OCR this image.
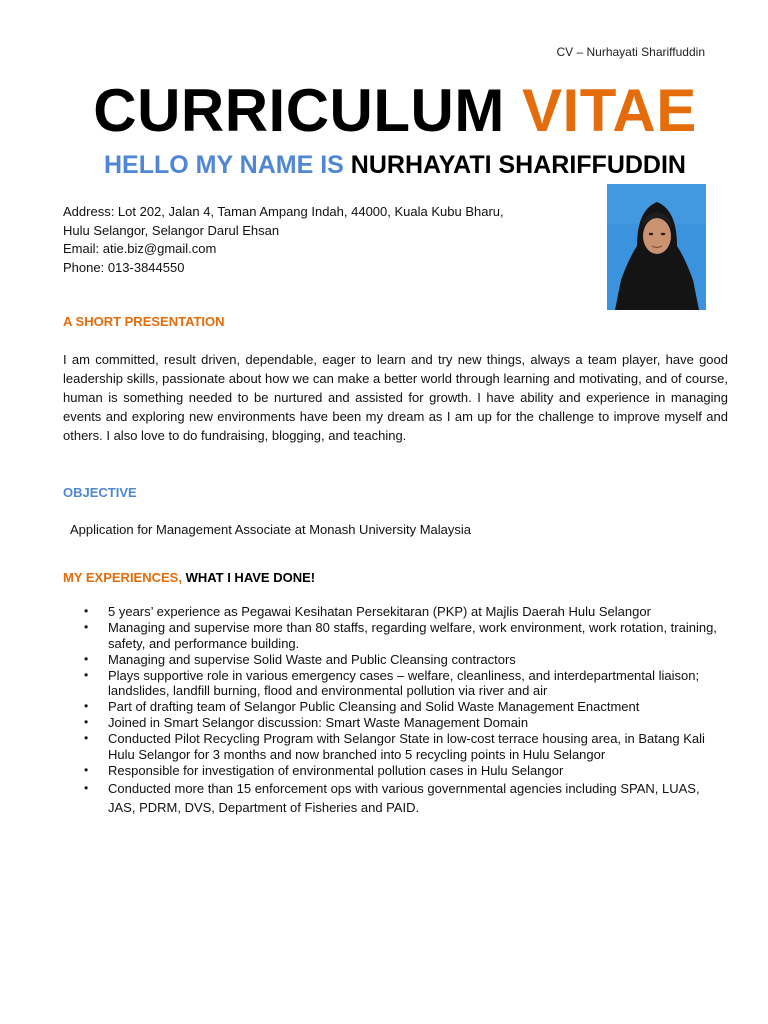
CV – Nurhayati Shariffuddin
CURRICULUM VITAE
HELLO MY NAME IS NURHAYATI SHARIFFUDDIN
Address: Lot 202, Jalan 4, Taman Ampang Indah, 44000, Kuala Kubu Bharu,
Hulu Selangor, Selangor Darul Ehsan
Email: atie.biz@gmail.com
Phone: 013-3844550
A SHORT PRESENTATION
I am committed, result driven, dependable, eager to learn and try new things, always a team player, have good leadership skills, passionate about how we can make a better world through learning and motivating, and of course, human is something needed to be nurtured and assisted for growth. I have ability and experience in managing events and exploring new environments have been my dream as I am up for the challenge to improve myself and others. I also love to do fundraising, blogging, and teaching.
OBJECTIVE
Application for Management Associate at Monash University Malaysia
MY EXPERIENCES, WHAT I HAVE DONE!
• 5 years’ experience as Pegawai Kesihatan Persekitaran (PKP) at Majlis Daerah Hulu Selangor
• Managing and supervise more than 80 staffs, regarding welfare, work environment, work rotation, training, safety, and performance building.
• Managing and supervise Solid Waste and Public Cleansing contractors
• Plays supportive role in various emergency cases – welfare, cleanliness, and interdepartmental liaison; landslides, landfill burning, flood and environmental pollution via river and air
• Part of drafting team of Selangor Public Cleansing and Solid Waste Management Enactment
• Joined in Smart Selangor discussion: Smart Waste Management Domain
• Conducted Pilot Recycling Program with Selangor State in low-cost terrace housing area, in Batang Kali Hulu Selangor for 3 months and now branched into 5 recycling points in Hulu Selangor
• Responsible for investigation of environmental pollution cases in Hulu Selangor
• Conducted more than 15 enforcement ops with various governmental agencies including SPAN, LUAS, JAS, PDRM, DVS, Department of Fisheries and PAID.
